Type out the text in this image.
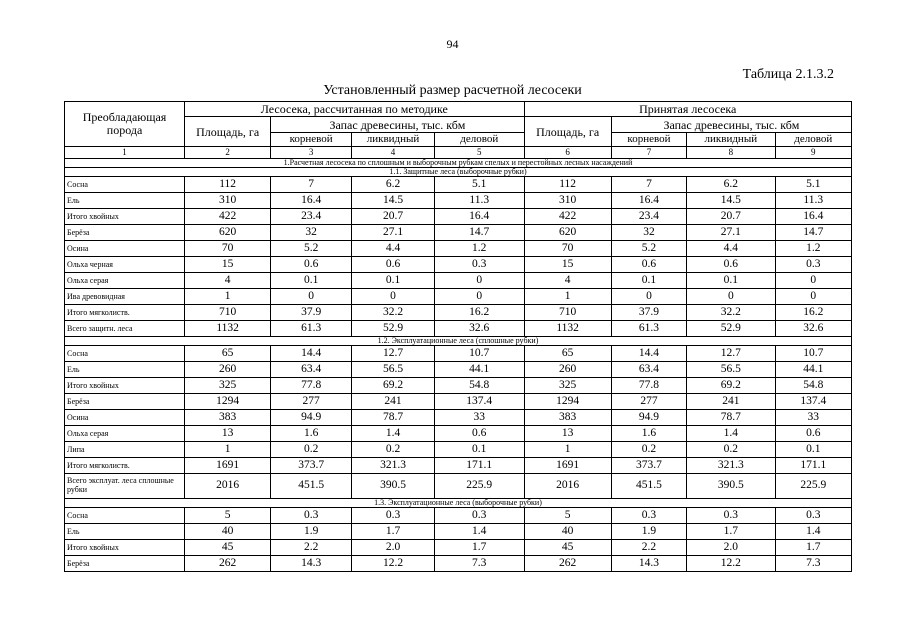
94
Таблица 2.1.3.2
Установленный размер расчетной лесосеки
Преобладающая порода	Лесосека, рассчитанная по методике				Принятая лесосека			
	Площадь, га	Запас древесины, тыс. кбм			Площадь, га	Запас древесины, тыс. кбм		
		корневой	ликвидный	деловой		корневой	ликвидный	деловой
1	2	3	4	5	6	7	8	9
1.Расчетная лесосека по сплошным и выборочным рубкам спелых и перестойных лесных насаждений								
1.1. Защитные леса (выборочные рубки)								
Сосна	112	7	6.2	5.1	112	7	6.2	5.1
Ель	310	16.4	14.5	11.3	310	16.4	14.5	11.3
Итого хвойных	422	23.4	20.7	16.4	422	23.4	20.7	16.4
Берёза	620	32	27.1	14.7	620	32	27.1	14.7
Осина	70	5.2	4.4	1.2	70	5.2	4.4	1.2
Ольха черная	15	0.6	0.6	0.3	15	0.6	0.6	0.3
Ольха серая	4	0.1	0.1	0	4	0.1	0.1	0
Ива древовидная	1	0	0	0	1	0	0	0
Итого мягколиств.	710	37.9	32.2	16.2	710	37.9	32.2	16.2
Всего защитн. леса	1132	61.3	52.9	32.6	1132	61.3	52.9	32.6
1.2. Эксплуатационные леса (сплошные рубки)								
Сосна	65	14.4	12.7	10.7	65	14.4	12.7	10.7
Ель	260	63.4	56.5	44.1	260	63.4	56.5	44.1
Итого хвойных	325	77.8	69.2	54.8	325	77.8	69.2	54.8
Берёза	1294	277	241	137.4	1294	277	241	137.4
Осина	383	94.9	78.7	33	383	94.9	78.7	33
Ольха серая	13	1.6	1.4	0.6	13	1.6	1.4	0.6
Липа	1	0.2	0.2	0.1	1	0.2	0.2	0.1
Итого мягколиств.	1691	373.7	321.3	171.1	1691	373.7	321.3	171.1
Всего эксплуат. леса сплошные рубки	2016	451.5	390.5	225.9	2016	451.5	390.5	225.9
1.3. Эксплуатационные леса (выборочные рубки)								
Сосна	5	0.3	0.3	0.3	5	0.3	0.3	0.3
Ель	40	1.9	1.7	1.4	40	1.9	1.7	1.4
Итого хвойных	45	2.2	2.0	1.7	45	2.2	2.0	1.7
Берёза	262	14.3	12.2	7.3	262	14.3	12.2	7.3
